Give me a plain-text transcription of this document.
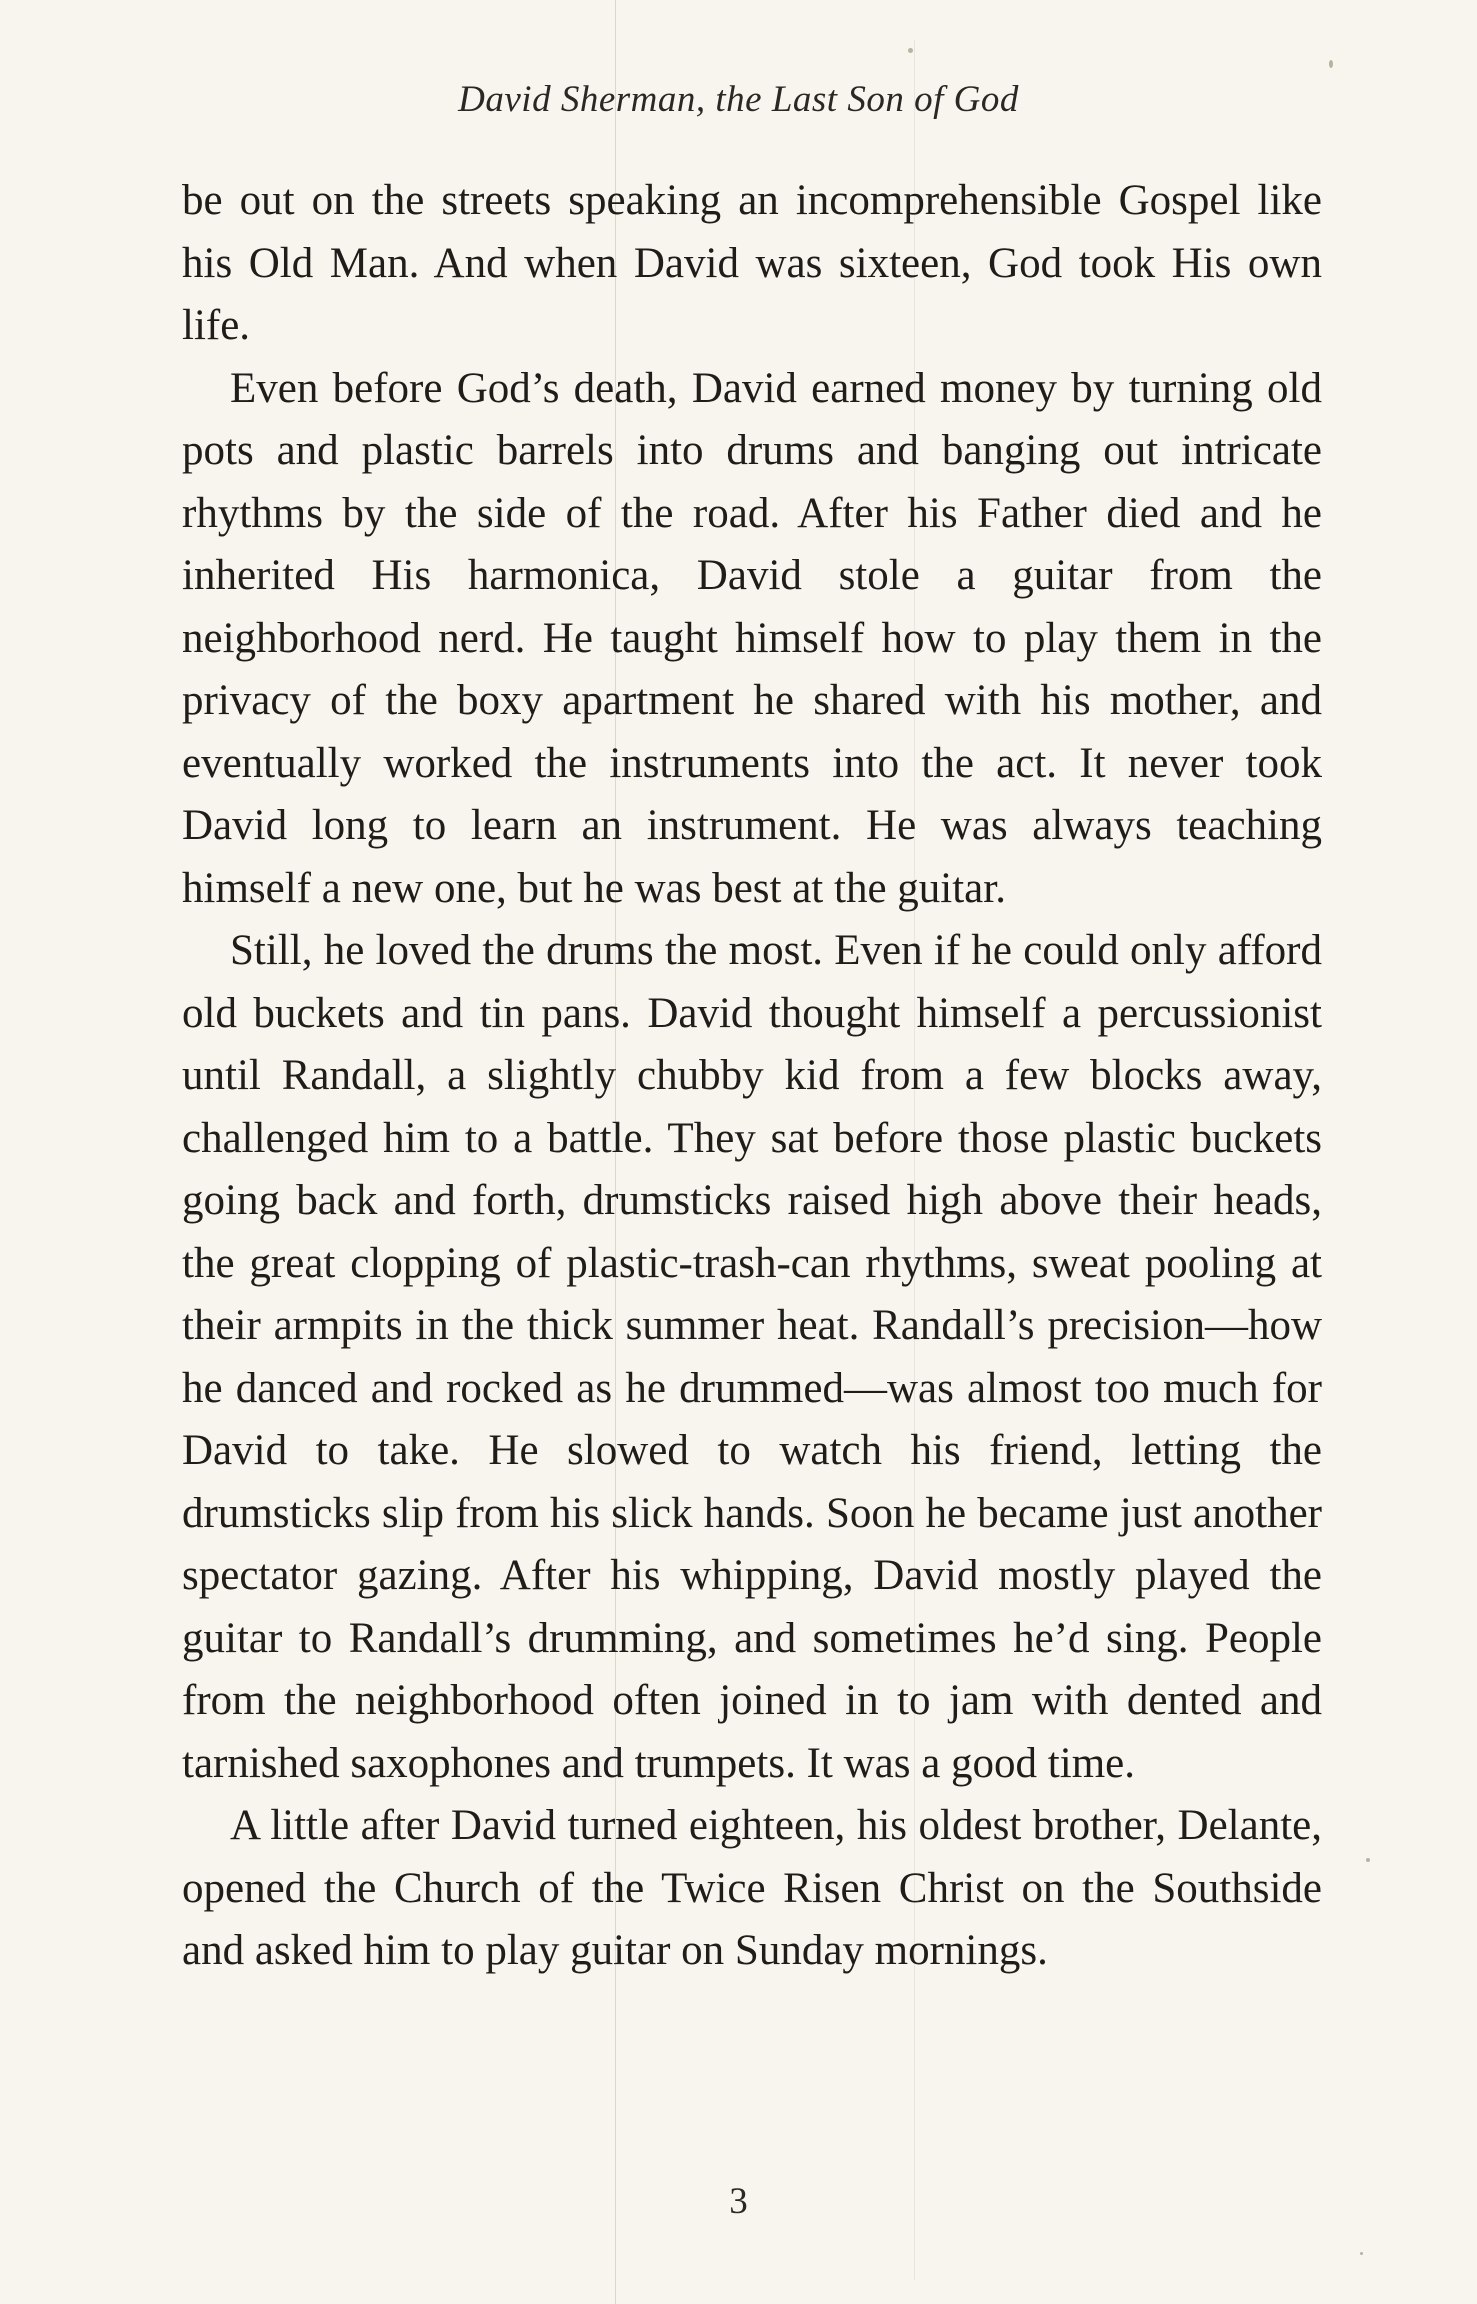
David Sherman, the Last Son of God

be out on the streets speaking an incomprehensible Gospel like his Old Man. And when David was sixteen, God took His own life.

Even before God’s death, David earned money by turning old pots and plastic barrels into drums and banging out intricate rhythms by the side of the road. After his Father died and he inherited His harmonica, David stole a guitar from the neighborhood nerd. He taught himself how to play them in the privacy of the boxy apartment he shared with his mother, and eventually worked the instruments into the act. It never took David long to learn an instrument. He was always teaching himself a new one, but he was best at the guitar.

Still, he loved the drums the most. Even if he could only afford old buckets and tin pans. David thought himself a percussionist until Randall, a slightly chubby kid from a few blocks away, challenged him to a battle. They sat before those plastic buckets going back and forth, drumsticks raised high above their heads, the great clopping of plastic-trash-can rhythms, sweat pooling at their armpits in the thick summer heat. Randall’s precision—how he danced and rocked as he drummed—was almost too much for David to take. He slowed to watch his friend, letting the drumsticks slip from his slick hands. Soon he became just another spectator gazing. After his whipping, David mostly played the guitar to Randall’s drumming, and sometimes he’d sing. People from the neighborhood often joined in to jam with dented and tarnished saxophones and trumpets. It was a good time.

A little after David turned eighteen, his oldest brother, Delante, opened the Church of the Twice Risen Christ on the Southside and asked him to play guitar on Sunday mornings.

3
